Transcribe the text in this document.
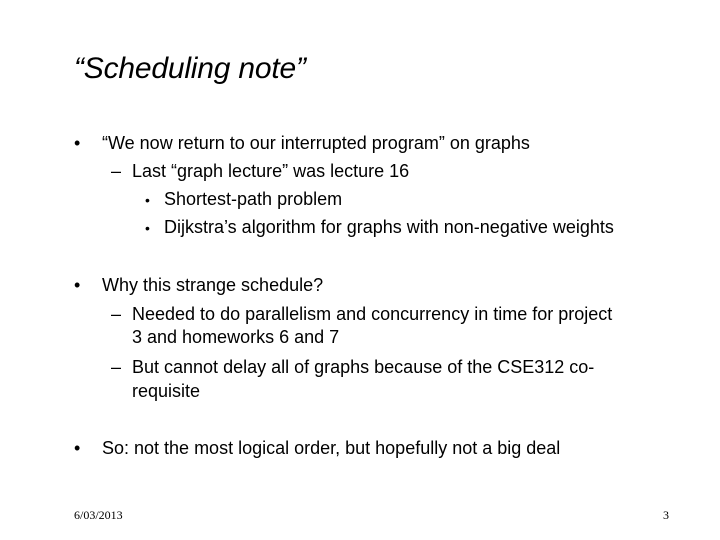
“Scheduling note”
• “We now return to our interrupted program” on graphs
– Last “graph lecture” was lecture 16
• Shortest-path problem
• Dijkstra’s algorithm for graphs with non-negative weights
• Why this strange schedule?
– Needed to do parallelism and concurrency in time for project
3 and homeworks 6 and 7
– But cannot delay all of graphs because of the CSE312 co-
requisite
• So: not the most logical order, but hopefully not a big deal
6/03/2013	3
